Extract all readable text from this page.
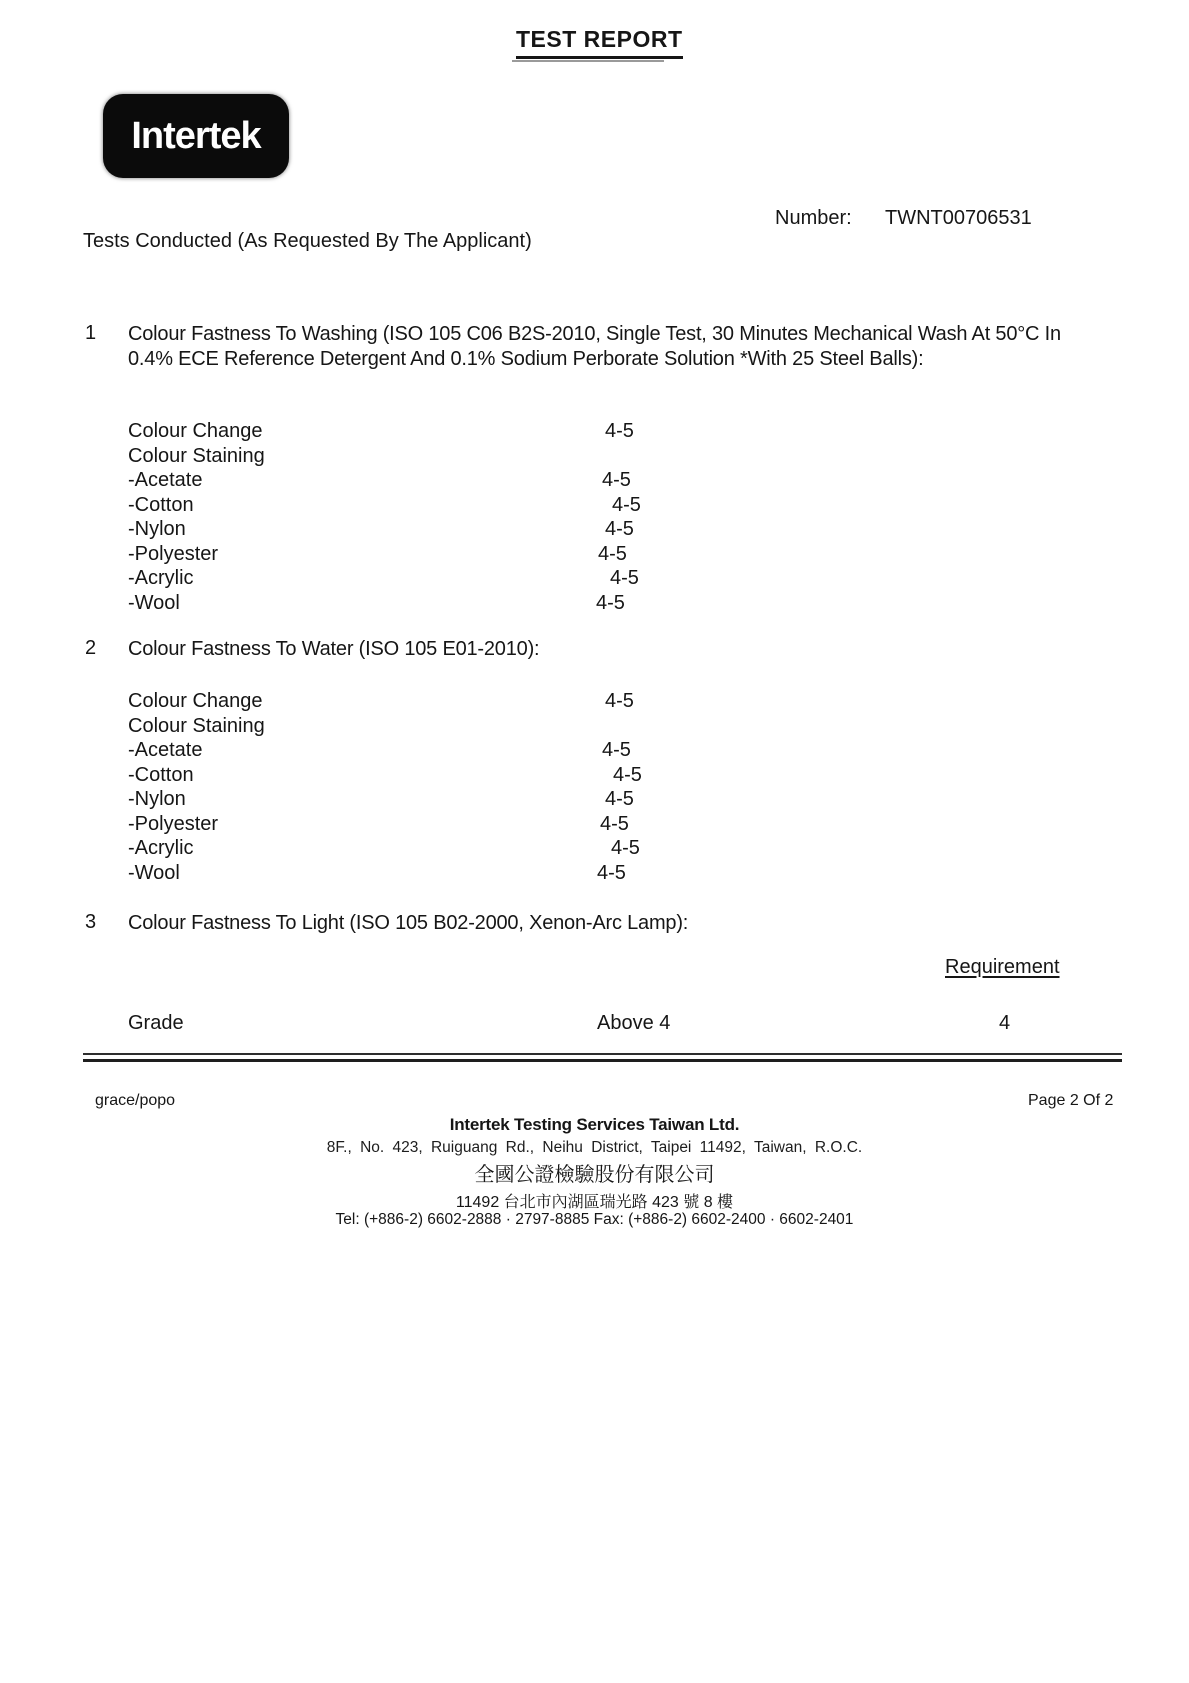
TEST REPORT
Intertek
Number: TWNT00706531
Tests Conducted (As Requested By The Applicant)
1 Colour Fastness To Washing (ISO 105 C06 B2S-2010, Single Test, 30 Minutes Mechanical Wash At 50°C In
0.4% ECE Reference Detergent And 0.1% Sodium Perborate Solution *With 25 Steel Balls):
Colour Change	4-5
Colour Staining
-Acetate	4-5
-Cotton	4-5
-Nylon	4-5
-Polyester	4-5
-Acrylic	4-5
-Wool	4-5
2 Colour Fastness To Water (ISO 105 E01-2010):
Colour Change	4-5
Colour Staining
-Acetate	4-5
-Cotton	4-5
-Nylon	4-5
-Polyester	4-5
-Acrylic	4-5
-Wool	4-5
3 Colour Fastness To Light (ISO 105 B02-2000, Xenon-Arc Lamp):
Requirement
Grade	Above 4	4
grace/popo	Page 2 Of 2
Intertek Testing Services Taiwan Ltd.
8F., No. 423, Ruiguang Rd., Neihu District, Taipei 11492, Taiwan, R.O.C.
全國公證檢驗股份有限公司
11492 台北市內湖區瑞光路 423 號 8 樓
Tel: (+886-2) 6602-2888 · 2797-8885 Fax: (+886-2) 6602-2400 · 6602-2401
